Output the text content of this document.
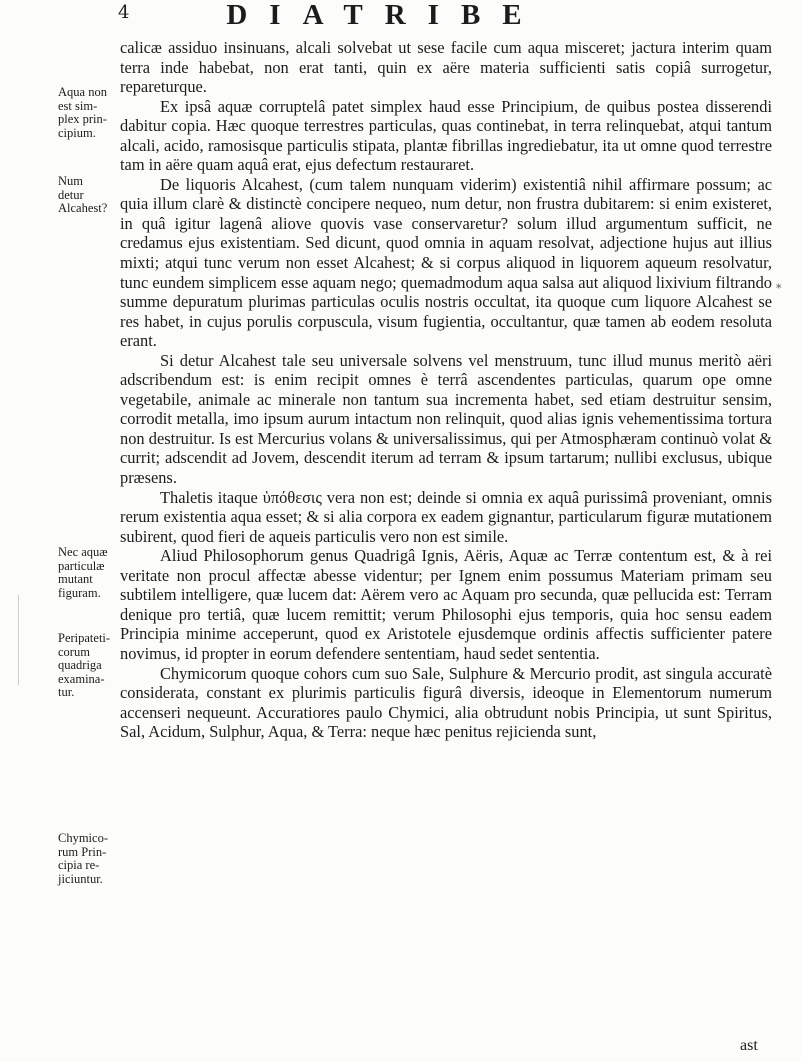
4	DIATRIBE

calicæ assiduo insinuans, alcali solvebat ut sese facile cum aqua misceret; jactura interim quam terra inde habebat, non erat tanti, quin ex aëre materia sufficienti satis copiâ surrogetur, repareturque.

Ex ipsâ aquæ corruptelâ patet simplex haud esse Principium, de quibus postea disserendi dabitur copia. Hæc quoque terrestres particulas, quas continebat, in terra relinquebat, atqui tantum alcali, acido, ramosisque particulis stipata, plantæ fibrillas ingrediebatur, ita ut omne quod terrestre tam in aëre quam aquâ erat, ejus defectum restauraret.

De liquoris Alcahest, (cum talem nunquam viderim) existentiâ nihil affirmare possum; ac quia illum clarè & distinctè concipere nequeo, num detur, non frustra dubitarem: si enim existeret, in quâ igitur lagenâ aliove quovis vase conservaretur? solum illud argumentum sufficit, ne credamus ejus existentiam. Sed dicunt, quod omnia in aquam resolvat, adjectione hujus aut illius mixti; atqui tunc verum non esset Alcahest; & si corpus aliquod in liquorem aqueum resolvatur, tunc eundem simplicem esse aquam nego; quemadmodum aqua salsa aut aliquod lixivium filtrando summe depuratum plurimas particulas oculis nostris occultat, ita quoque cum liquore Alcahest se res habet, in cujus porulis corpuscula, visum fugientia, occultantur, quæ tamen ab eodem resoluta erant.

Si detur Alcahest tale seu universale solvens vel menstruum, tunc illud munus meritò aëri adscribendum est: is enim recipit omnes è terrâ ascendentes particulas, quarum ope omne vegetabile, animale ac minerale non tantum sua incrementa habet, sed etiam destruitur sensim, corrodit metalla, imo ipsum aurum intactum non relinquit, quod alias ignis vehementissima tortura non destruitur. Is est Mercurius volans & universalissimus, qui per Atmosphæram continuò volat & currit; adscendit ad Jovem, descendit iterum ad terram & ipsum tartarum; nullibi exclusus, ubique præsens.

Thaletis itaque ὑπόθεσις vera non est; deinde si omnia ex aquâ purissimâ proveniant, omnis rerum existentia aqua esset; & si alia corpora ex eadem gignantur, particularum figuræ mutationem subirent, quod fieri de aqueis particulis vero non est simile.

Aliud Philosophorum genus Quadrigâ Ignis, Aëris, Aquæ ac Terræ contentum est, & à rei veritate non procul affectæ abesse videntur; per Ignem enim possumus Materiam primam seu subtilem intelligere, quæ lucem dat: Aërem vero ac Aquam pro secunda, quæ pellucida est: Terram denique pro tertiâ, quæ lucem remittit; verum Philosophi ejus temporis, quia hoc sensu eadem Principia minime acceperunt, quod ex Aristotele ejusdemque ordinis affectis sufficienter patere novimus, id propter in eorum defendere sententiam, haud sedet sententia.

Chymicorum quoque cohors cum suo Sale, Sulphure & Mercurio prodit, ast singula accuratè considerata, constant ex plurimis particulis figurâ diversis, ideoque in Elementorum numerum accenseri nequeunt. Accuratiores paulo Chymici, alia obtrudunt nobis Principia, ut sunt Spiritus, Sal, Acidum, Sulphur, Aqua, & Terra: neque hæc penitus rejicienda sunt,

Aqua non
est sim-
plex prin-
cipium.
Num
detur
Alcahest?
Nec aquæ
particulæ
mutant
figuram.
Peripateti-
corum
quadriga
examina-
tur.
Chymico-
rum Prin-
cipia re-
jiciuntur.
*
ast
